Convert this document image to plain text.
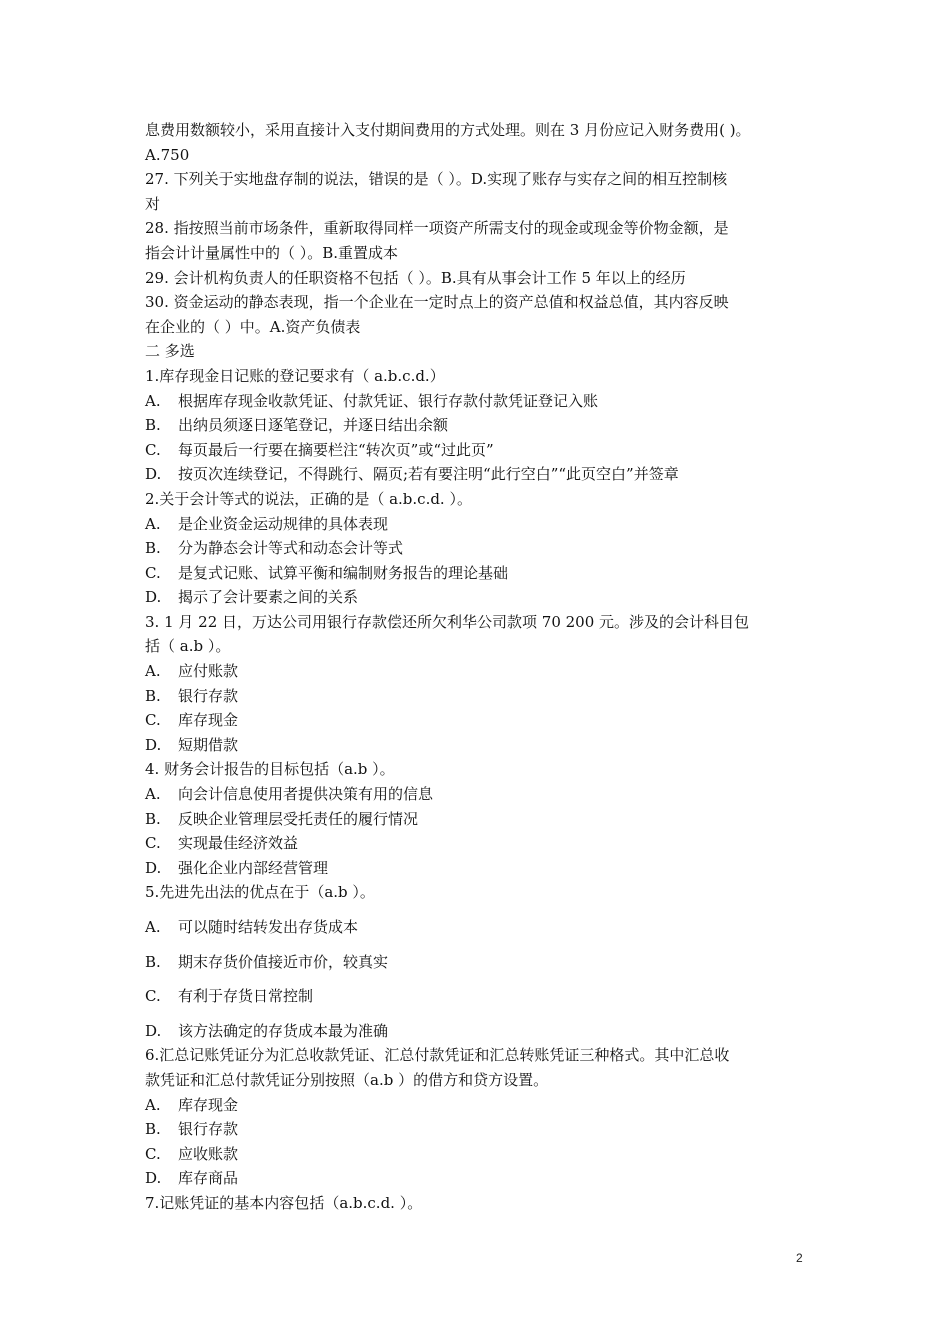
息费用数额较小，采用直接计入支付期间费用的方式处理。则在 3 月份应记入财务费用( )。
A.750
27. 下列关于实地盘存制的说法，错误的是（ ）。D.实现了账存与实存之间的相互控制核
对
28. 指按照当前市场条件，重新取得同样一项资产所需支付的现金或现金等价物金额，是
指会计计量属性中的（ ）。B.重置成本
29. 会计机构负责人的任职资格不包括（ ）。B.具有从事会计工作 5 年以上的经历
30. 资金运动的静态表现，指一个企业在一定时点上的资产总值和权益总值，其内容反映
在企业的（ ）中。A.资产负债表
二 多选
1.库存现金日记账的登记要求有（ a.b.c.d.）
A. 根据库存现金收款凭证、付款凭证、银行存款付款凭证登记入账
B. 出纳员须逐日逐笔登记，并逐日结出余额
C. 每页最后一行要在摘要栏注“转次页”或“过此页”
D. 按页次连续登记，不得跳行、隔页;若有要注明“此行空白”“此页空白”并签章
2.关于会计等式的说法，正确的是（ a.b.c.d. ）。
A. 是企业资金运动规律的具体表现
B. 分为静态会计等式和动态会计等式
C. 是复式记账、试算平衡和编制财务报告的理论基础
D. 揭示了会计要素之间的关系
3. 1 月 22 日，万达公司用银行存款偿还所欠利华公司款项 70 200 元。涉及的会计科目包
括（ a.b ）。
A. 应付账款
B. 银行存款
C. 库存现金
D. 短期借款
4. 财务会计报告的目标包括（a.b ）。
A. 向会计信息使用者提供决策有用的信息
B. 反映企业管理层受托责任的履行情况
C. 实现最佳经济效益
D. 强化企业内部经营管理
5.先进先出法的优点在于（a.b ）。
A. 可以随时结转发出存货成本
B. 期末存货价值接近市价，较真实
C. 有利于存货日常控制
D. 该方法确定的存货成本最为准确
6.汇总记账凭证分为汇总收款凭证、汇总付款凭证和汇总转账凭证三种格式。其中汇总收
款凭证和汇总付款凭证分别按照（a.b ）的借方和贷方设置。
A. 库存现金
B. 银行存款
C. 应收账款
D. 库存商品
7.记账凭证的基本内容包括（a.b.c.d. ）。
2
